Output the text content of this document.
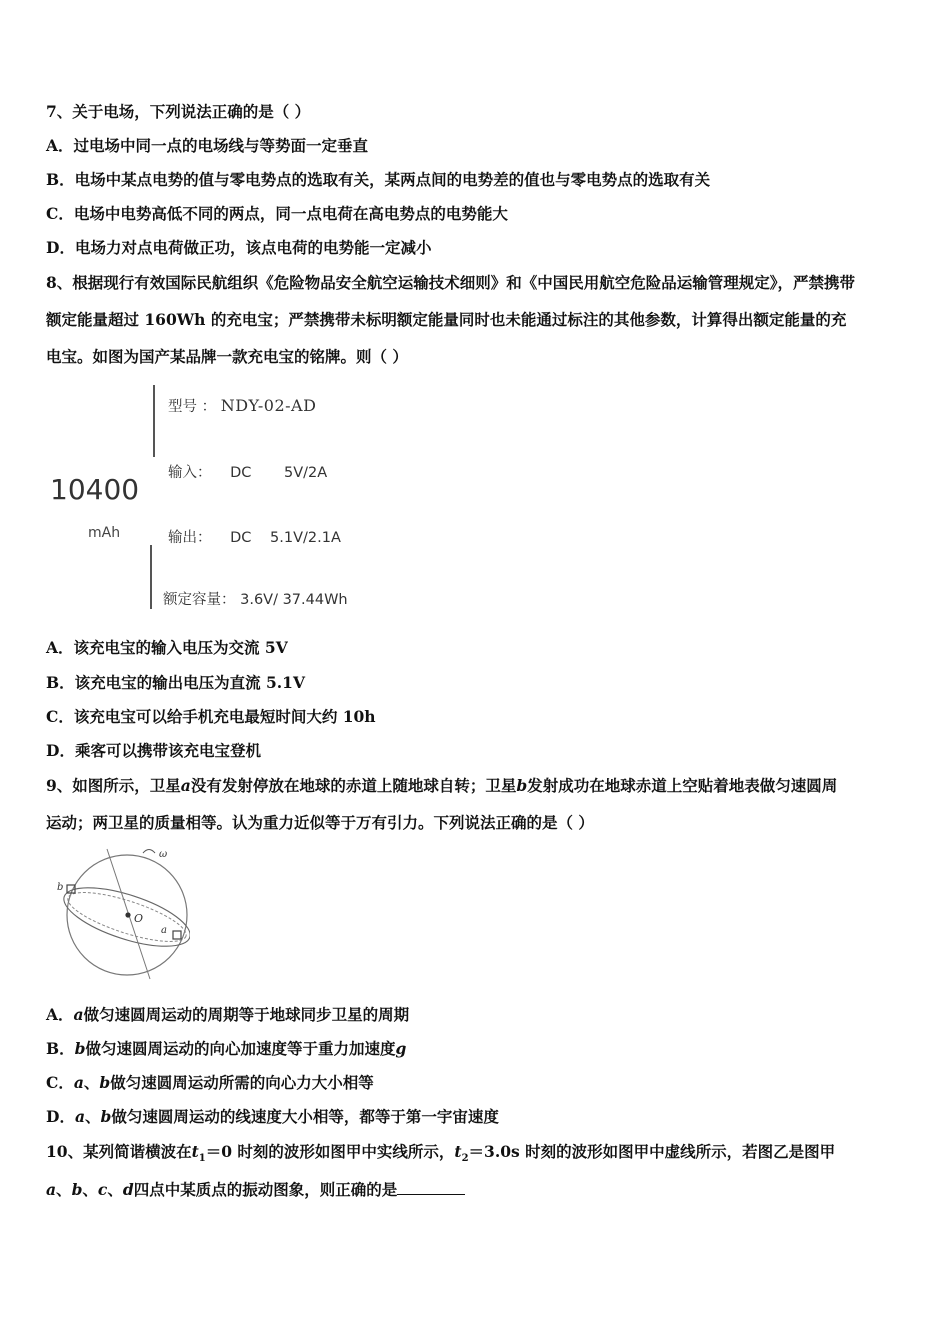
7、关于电场，下列说法正确的是（ ）
A．过电场中同一点的电场线与等势面一定垂直
B．电场中某点电势的值与零电势点的选取有关，某两点间的电势差的值也与零电势点的选取有关
C．电场中电势高低不同的两点，同一点电荷在高电势点的电势能大
D．电场力对点电荷做正功，该点电荷的电势能一定减小
8、根据现行有效国际民航组织《危险物品安全航空运输技术细则》和《中国民用航空危险品运输管理规定》，严禁携带
额定能量超过 160Wh 的充电宝；严禁携带未标明额定能量同时也未能通过标注的其他参数，计算得出额定能量的充
电宝。如图为国产某品牌一款充电宝的铭牌。则（ ）
10400
mAh
型号 ： NDY-02-AD
输入： DC 5V/2A
输出： DC 5.1V/2.1A
额定容量： 3.6V/ 37.44Wh
A．该充电宝的输入电压为交流 5V
B．该充电宝的输出电压为直流 5.1V
C．该充电宝可以给手机充电最短时间大约 10h
D．乘客可以携带该充电宝登机
9、如图所示，卫星a没有发射停放在地球的赤道上随地球自转；卫星b发射成功在地球赤道上空贴着地表做匀速圆周
运动；两卫星的质量相等。认为重力近似等于万有引力。下列说法正确的是（ ）
O
b
a
ω
A．a做匀速圆周运动的周期等于地球同步卫星的周期
B．b做匀速圆周运动的向心加速度等于重力加速度g
C．a、b做匀速圆周运动所需的向心力大小相等
D．a、b做匀速圆周运动的线速度大小相等，都等于第一宇宙速度
10、某列简谐横波在$t_1=0$ 时刻的波形如图甲中实线所示，$t_2=3.0s$ 时刻的波形如图甲中虚线所示，若图乙是图甲
a、b、c、d四点中某质点的振动图象，则正确的是
